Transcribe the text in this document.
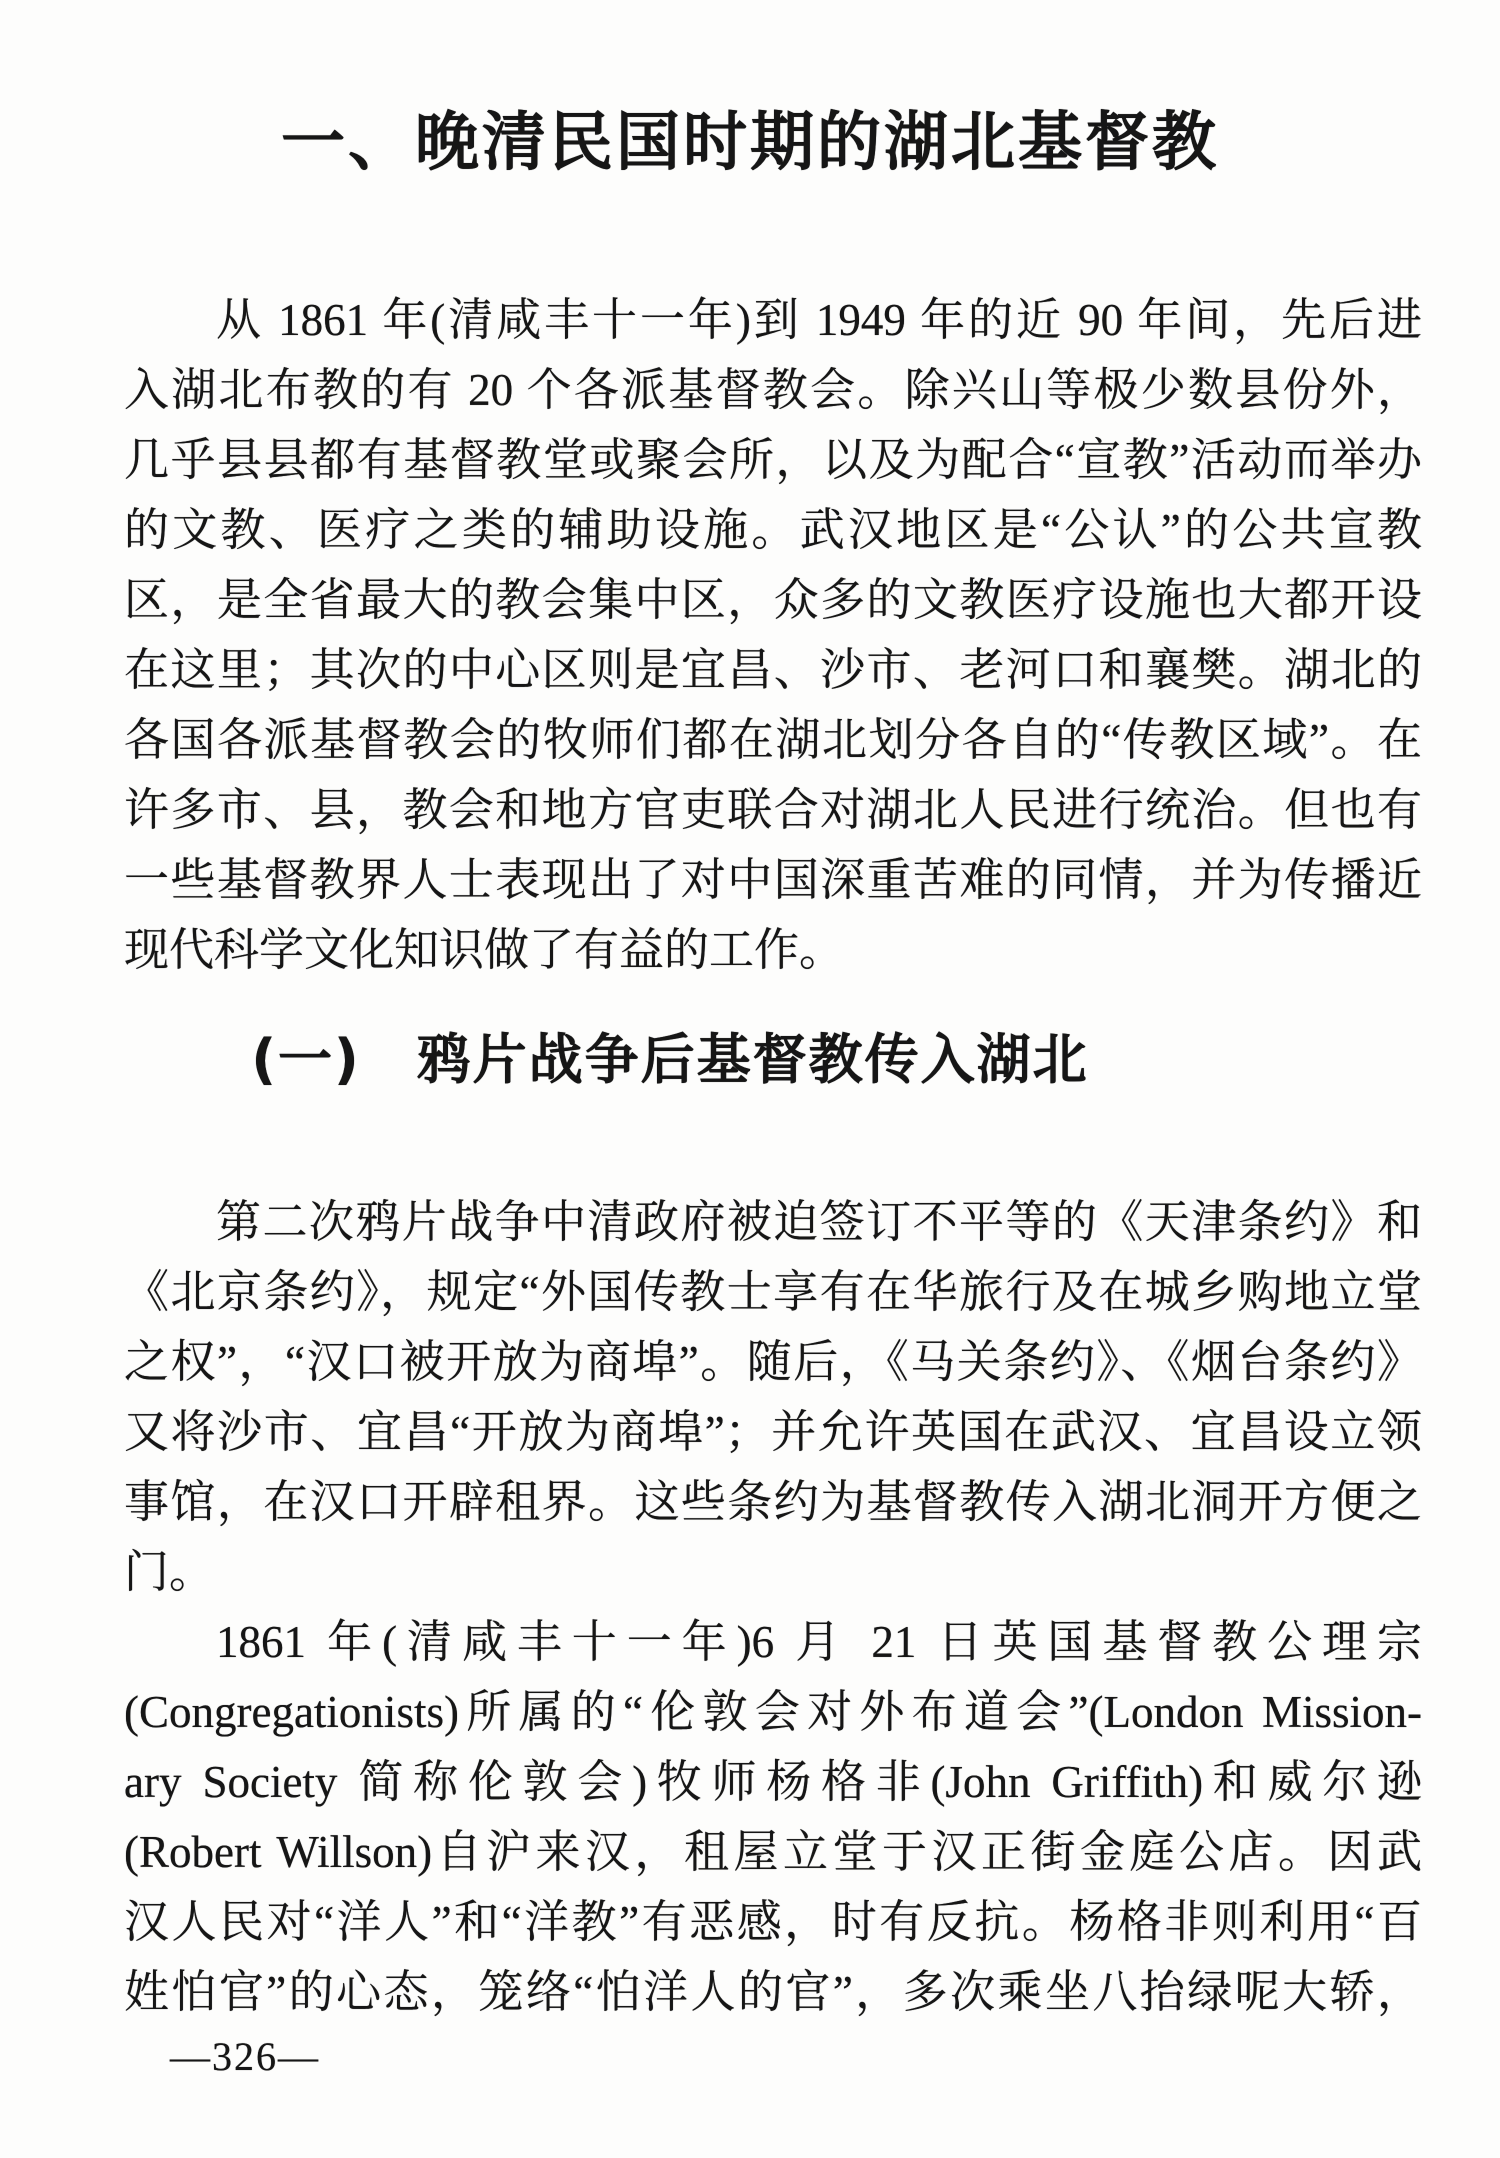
一、晚清民国时期的湖北基督教
从 1861 年(清咸丰十一年)到 1949 年的近 90 年间，先后进
入湖北布教的有 20 个各派基督教会。除兴山等极少数县份外，
几乎县县都有基督教堂或聚会所，以及为配合“宣教”活动而举办
的文教、医疗之类的辅助设施。武汉地区是“公认”的公共宣教
区，是全省最大的教会集中区，众多的文教医疗设施也大都开设
在这里；其次的中心区则是宜昌、沙市、老河口和襄樊。湖北的
各国各派基督教会的牧师们都在湖北划分各自的“传教区域”。在
许多市、县，教会和地方官吏联合对湖北人民进行统治。但也有
一些基督教界人士表现出了对中国深重苦难的同情，并为传播近
现代科学文化知识做了有益的工作。
(一)　鸦片战争后基督教传入湖北
第二次鸦片战争中清政府被迫签订不平等的《天津条约》和
《北京条约》，规定“外国传教士享有在华旅行及在城乡购地立堂
之权”，“汉口被开放为商埠”。随后，《马关条约》、《烟台条约》
又将沙市、宜昌“开放为商埠”；并允许英国在武汉、宜昌设立领
事馆，在汉口开辟租界。这些条约为基督教传入湖北洞开方便之
门。
1861 年(清咸丰十一年)6 月 21 日英国基督教公理宗
(Congregationists)所属的“伦敦会对外布道会”(London Mission-
ary Society 简称伦敦会)牧师杨格非(John Griffith)和威尔逊
(Robert Willson)自沪来汉，租屋立堂于汉正街金庭公店。因武
汉人民对“洋人”和“洋教”有恶感，时有反抗。杨格非则利用“百
姓怕官”的心态，笼络“怕洋人的官”，多次乘坐八抬绿呢大轿，
—326—
